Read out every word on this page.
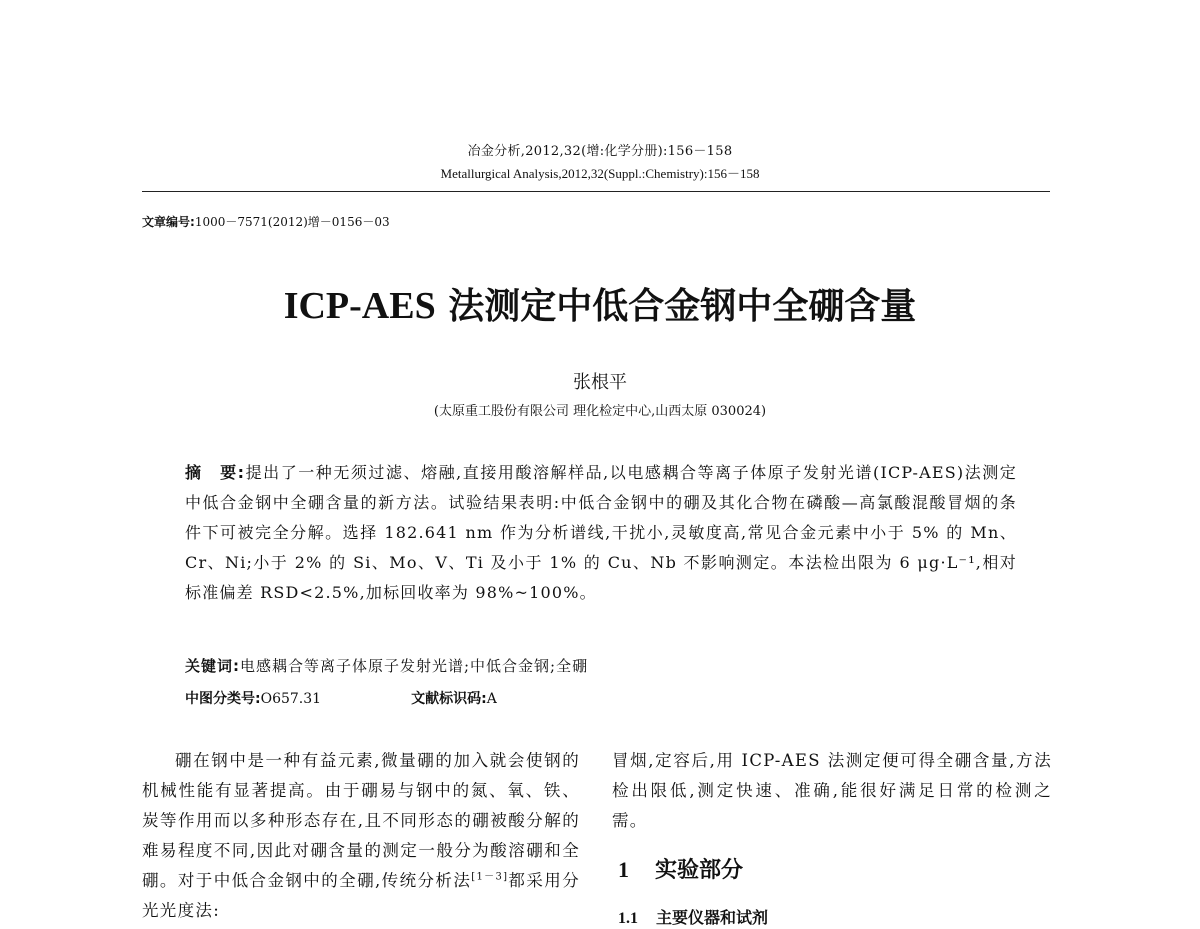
冶金分析,2012,32(增:化学分册):156－158
Metallurgical Analysis,2012,32(Suppl.:Chemistry):156－158
文章编号:1000－7571(2012)增－0156－03
ICP-AES 法测定中低合金钢中全硼含量
张根平
(太原重工股份有限公司 理化检定中心,山西太原 030024)

摘　要:提出了一种无须过滤、熔融,直接用酸溶解样品,以电感耦合等离子体原子发射光谱(ICP-AES)法测定中低合金钢中全硼含量的新方法。试验结果表明:中低合金钢中的硼及其化合物在磷酸—高氯酸混酸冒烟的条件下可被完全分解。选择 182.641 nm 作为分析谱线,干扰小,灵敏度高,常见合金元素中小于 5% 的 Mn、Cr、Ni;小于 2% 的 Si、Mo、V、Ti 及小于 1% 的 Cu、Nb 不影响测定。本法检出限为 6 μg·L⁻¹,相对标准偏差 RSD<2.5%,加标回收率为 98%~100%。

关键词:电感耦合等离子体原子发射光谱;中低合金钢;全硼
中图分类号:O657.31	文献标识码:A

硼在钢中是一种有益元素,微量硼的加入就会使钢的机械性能有显著提高。由于硼易与钢中的氮、氧、铁、炭等作用而以多种形态存在,且不同形态的硼被酸分解的难易程度不同,因此对硼含量的测定一般分为酸溶硼和全硼。对于中低合金钢中的全硼,传统分析法[1－3]都采用分光光度法:

冒烟,定容后,用 ICP-AES 法测定便可得全硼含量,方法检出限低,测定快速、准确,能很好满足日常的检测之需。

1 实验部分
1.1 主要仪器和试剂
